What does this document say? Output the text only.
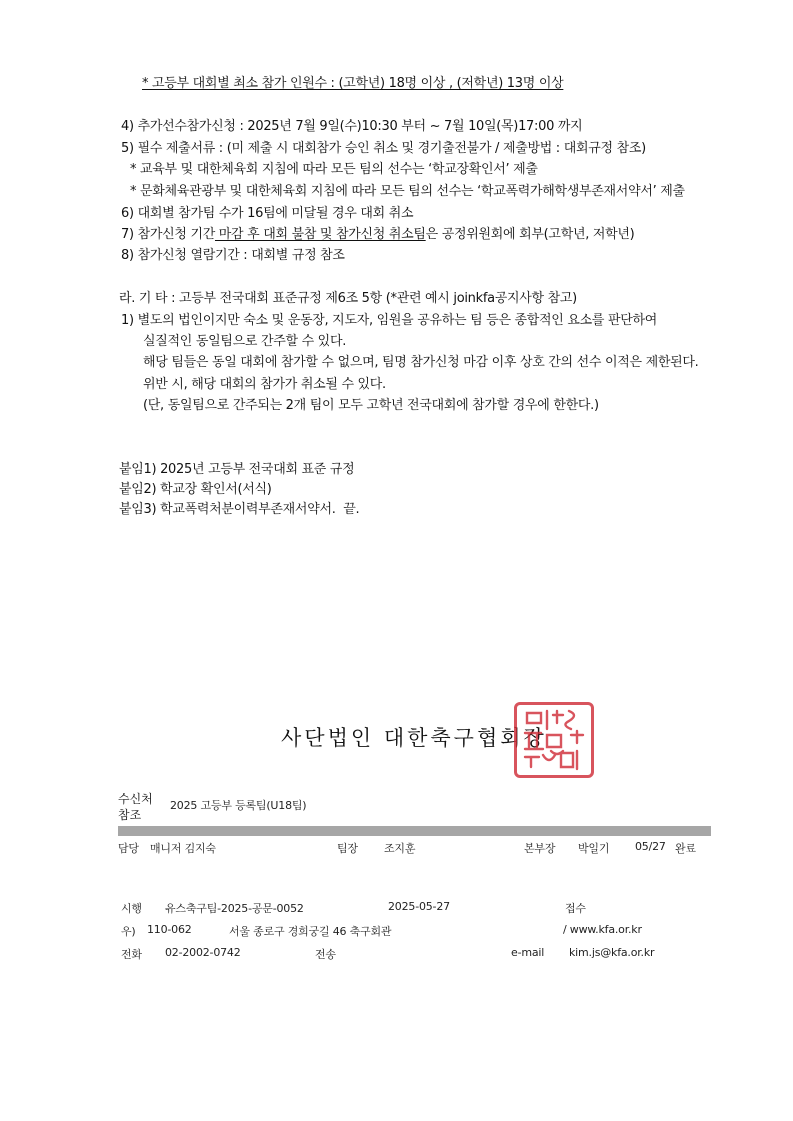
* 고등부 대회별 최소 참가 인원수 : (고학년) 18명 이상 , (저학년) 13명 이상
4) 추가선수참가신청 : 2025년 7월 9일(수)10:30 부터 ~ 7월 10일(목)17:00 까지
5) 필수 제출서류 : (미 제출 시 대회참가 승인 취소 및 경기출전불가 / 제출방법 : 대회규정 참조)
* 교육부 및 대한체육회 지침에 따라 모든 팀의 선수는 ‘학교장확인서’ 제출
* 문화체육관광부 및 대한체육회 지침에 따라 모든 팀의 선수는 ‘학교폭력가해학생부존재서약서’ 제출
6) 대회별 참가팀 수가 16팀에 미달될 경우 대회 취소
7) 참가신청 기간 마감 후 대회 불참 및 참가신청 취소팀은 공정위원회에 회부(고학년, 저학년)
8) 참가신청 열람기간 : 대회별 규정 참조
라. 기 타 : 고등부 전국대회 표준규정 제6조 5항 (*관련 예시 joinkfa공지사항 참고)
1) 별도의 법인이지만 숙소 및 운동장, 지도자, 임원을 공유하는 팀 등은 종합적인 요소를 판단하여
실질적인 동일팀으로 간주할 수 있다.
해당 팀들은 동일 대회에 참가할 수 없으며, 팀명 참가신청 마감 이후 상호 간의 선수 이적은 제한된다.
위반 시, 해당 대회의 참가가 취소될 수 있다.
(단, 동일팀으로 간주되는 2개 팀이 모두 고학년 전국대회에 참가할 경우에 한한다.)
붙임1) 2025년 고등부 전국대회 표준 규정
붙임2) 학교장 확인서(서식)
붙임3) 학교폭력처분이력부존재서약서. 끝.
사단법인 대한축구협회장
수신처 2025 고등부 등록팀(U18팀)
참조
담당 매니저 김지숙	팀장 조지훈	본부장 박일기 05/27 완료
시행 유스축구팀-2025-공문-0052	2025-05-27	접수
우) 110-062	서울 종로구 경희궁길 46 축구회관	/ www.kfa.or.kr
전화 02-2002-0742	전송	e-mail kim.js@kfa.or.kr
